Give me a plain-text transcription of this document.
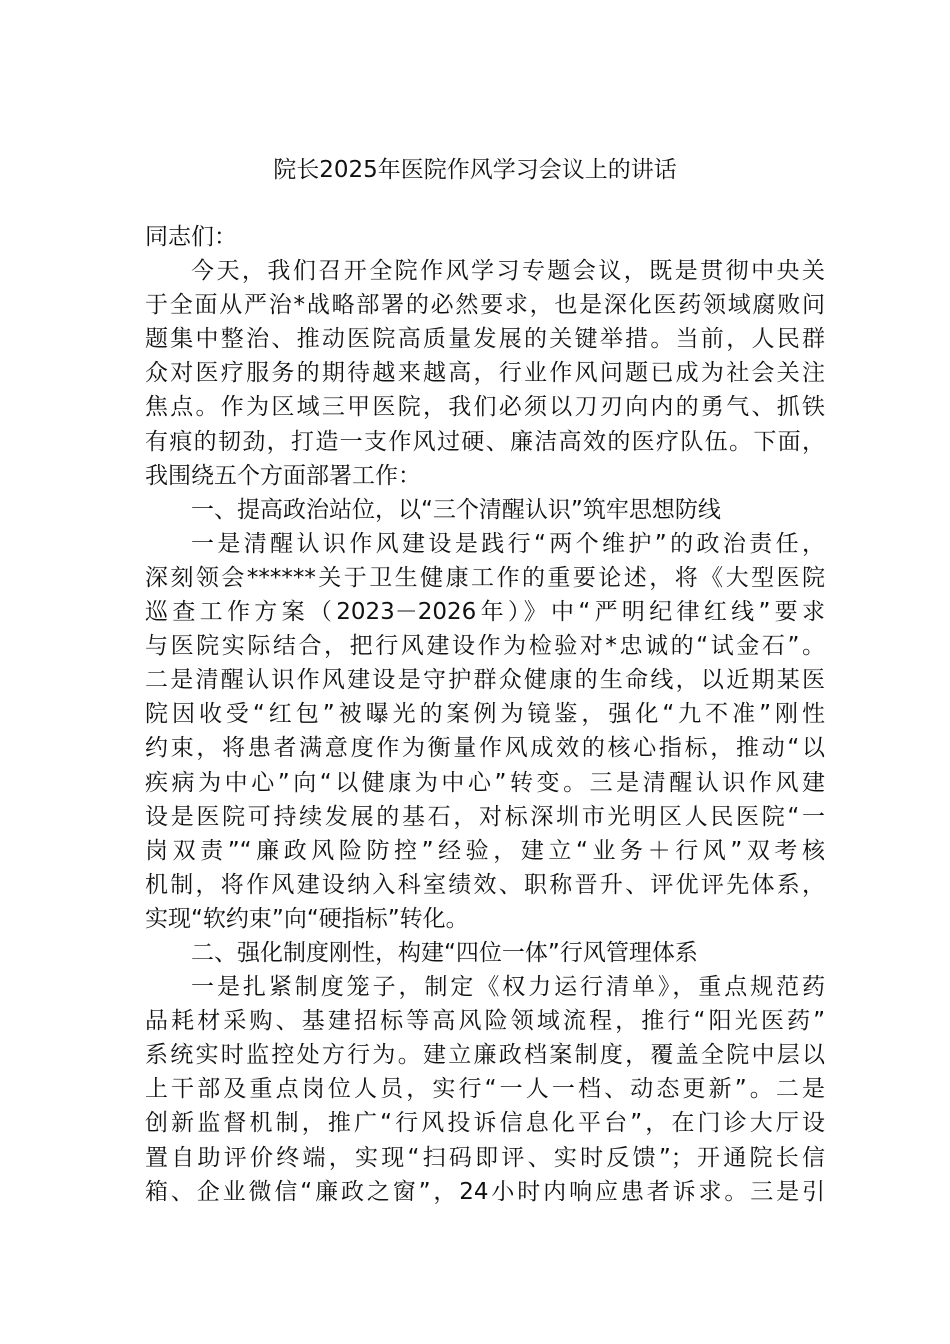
院长2025年医院作风学习会议上的讲话
同志们：
今天，我们召开全院作风学习专题会议，既是贯彻中央关
于全面从严治*战略部署的必然要求，也是深化医药领域腐败问
题集中整治、推动医院高质量发展的关键举措。当前，人民群
众对医疗服务的期待越来越高，行业作风问题已成为社会关注
焦点。作为区域三甲医院，我们必须以刀刃向内的勇气、抓铁
有痕的韧劲，打造一支作风过硬、廉洁高效的医疗队伍。下面，
我围绕五个方面部署工作：
一、提高政治站位，以“三个清醒认识”筑牢思想防线
一是清醒认识作风建设是践行“两个维护”的政治责任，
深刻领会******关于卫生健康工作的重要论述，将《大型医院
巡查工作方案（2023－2026年）》中“严明纪律红线”要求
与医院实际结合，把行风建设作为检验对*忠诚的“试金石”。
二是清醒认识作风建设是守护群众健康的生命线，以近期某医
院因收受“红包”被曝光的案例为镜鉴，强化“九不准”刚性
约束，将患者满意度作为衡量作风成效的核心指标，推动“以
疾病为中心”向“以健康为中心”转变。三是清醒认识作风建
设是医院可持续发展的基石，对标深圳市光明区人民医院“一
岗双责”“廉政风险防控”经验，建立“业务＋行风”双考核
机制，将作风建设纳入科室绩效、职称晋升、评优评先体系，
实现“软约束”向“硬指标”转化。
二、强化制度刚性，构建“四位一体”行风管理体系
一是扎紧制度笼子，制定《权力运行清单》，重点规范药
品耗材采购、基建招标等高风险领域流程，推行“阳光医药”
系统实时监控处方行为。建立廉政档案制度，覆盖全院中层以
上干部及重点岗位人员，实行“一人一档、动态更新”。二是
创新监督机制，推广“行风投诉信息化平台”，在门诊大厅设
置自助评价终端，实现“扫码即评、实时反馈”；开通院长信
箱、企业微信“廉政之窗”，24小时内响应患者诉求。三是引
